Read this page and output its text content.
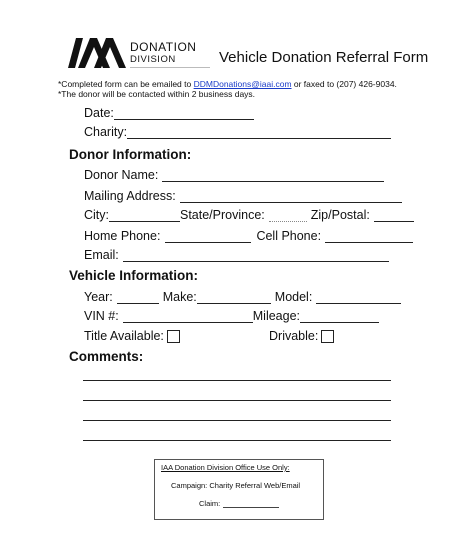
DONATION
DIVISION	Vehicle Donation Referral Form
*Completed form can be emailed to DDMDonations@iaai.com or faxed to (207) 426-9034.
*The donor will be contacted within 2 business days.
Date:
Charity:
Donor Information:
Donor Name:
Mailing Address:
City:	State/Province:	Zip/Postal:
Home Phone:	Cell Phone:
Email:
Vehicle Information:
Year:	Make:	Model:
VIN #:	Mileage:
Title Available:	Drivable:
Comments:
IAA Donation Division Office Use Only:
Campaign: Charity Referral Web/Email
Claim:
